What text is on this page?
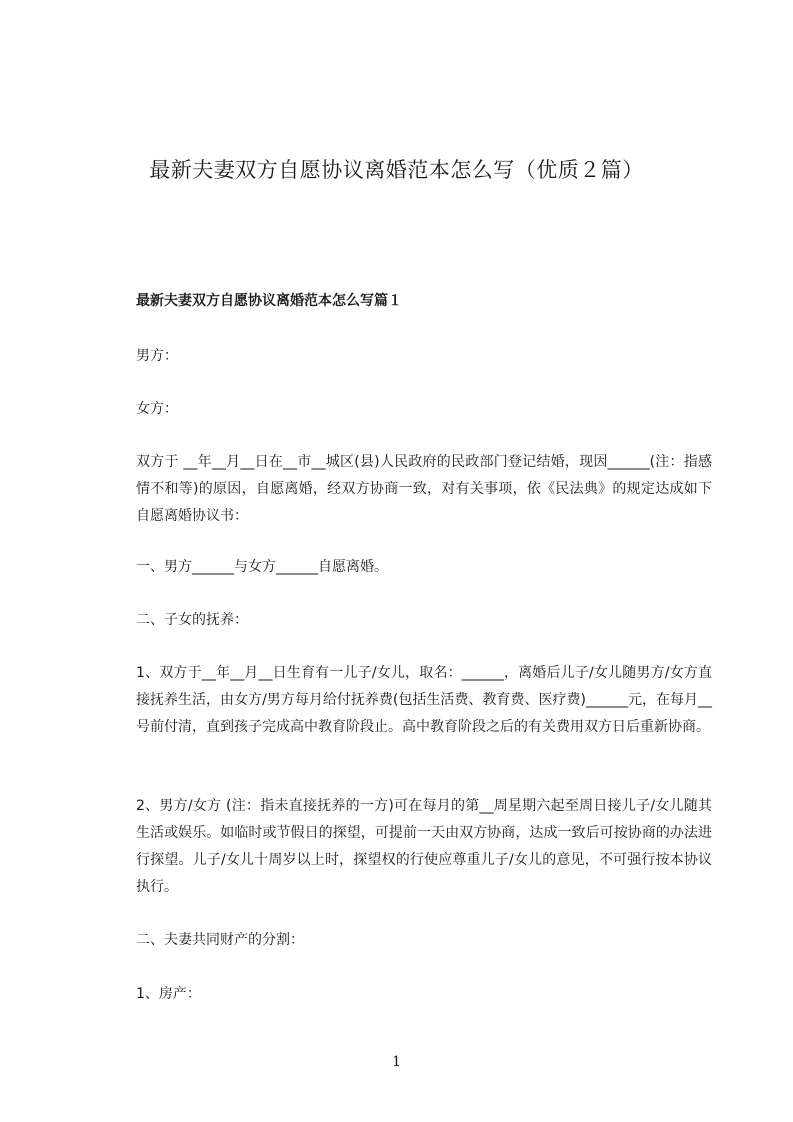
最新夫妻双方自愿协议离婚范本怎么写（优质２篇）
最新夫妻双方自愿协议离婚范本怎么写篇１
男方：
女方：
双方于 __年__月__日在__市__城区(县)人民政府的民政部门登记结婚，现因______(注：指感情不和等)的原因，自愿离婚，经双方协商一致，对有关事项，依《民法典》的规定达成如下自愿离婚协议书：
一、男方______与女方______自愿离婚。
二、子女的抚养：
1、双方于__年__月__日生育有一儿子/女儿，取名：______，离婚后儿子/女儿随男方/女方直接抚养生活，由女方/男方每月给付抚养费(包括生活费、教育费、医疗费)______元，在每月__号前付清，直到孩子完成高中教育阶段止。高中教育阶段之后的有关费用双方日后重新协商。
2、男方/女方 (注：指未直接抚养的一方)可在每月的第__周星期六起至周日接儿子/女儿随其生活或娱乐。如临时或节假日的探望，可提前一天由双方协商，达成一致后可按协商的办法进行探望。儿子/女儿十周岁以上时，探望权的行使应尊重儿子/女儿的意见，不可强行按本协议执行。
二、夫妻共同财产的分割：
1、房产：
1
